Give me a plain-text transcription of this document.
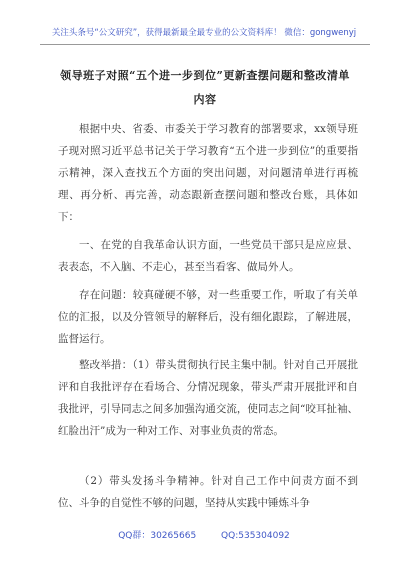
关注头条号“公文研究”，获得最新最全最专业的公文资料库！ 微信：gongwenyj
领导班子对照“五个进一步到位”更新查摆问题和整改清单内容
根据中央、省委、市委关于学习教育的部署要求，xx领导班子现对照习近平总书记关于学习教育“五个进一步到位”的重要指示精神，深入查找五个方面的突出问题，对问题清单进行再梳理、再分析、再完善，动态跟新查摆问题和整改台账，具体如下：
一、在党的自我革命认识方面，一些党员干部只是应应景、表表态，不入脑、不走心，甚至当看客、做局外人。
存在问题：较真碰硬不够，对一些重要工作，听取了有关单位的汇报，以及分管领导的解释后，没有细化跟踪，了解进展，监督运行。
整改举措：（1）带头贯彻执行民主集中制。针对自己开展批评和自我批评存在看场合、分情况现象，带头严肃开展批评和自我批评，引导同志之间多加强沟通交流，使同志之间“咬耳扯袖、红脸出汗”成为一种对工作、对事业负责的常态。
（2）带头发扬斗争精神。针对自己工作中问责方面不到位、斗争的自觉性不够的问题，坚持从实践中锤炼斗争
QQ群：30265665	QQ:535304092
